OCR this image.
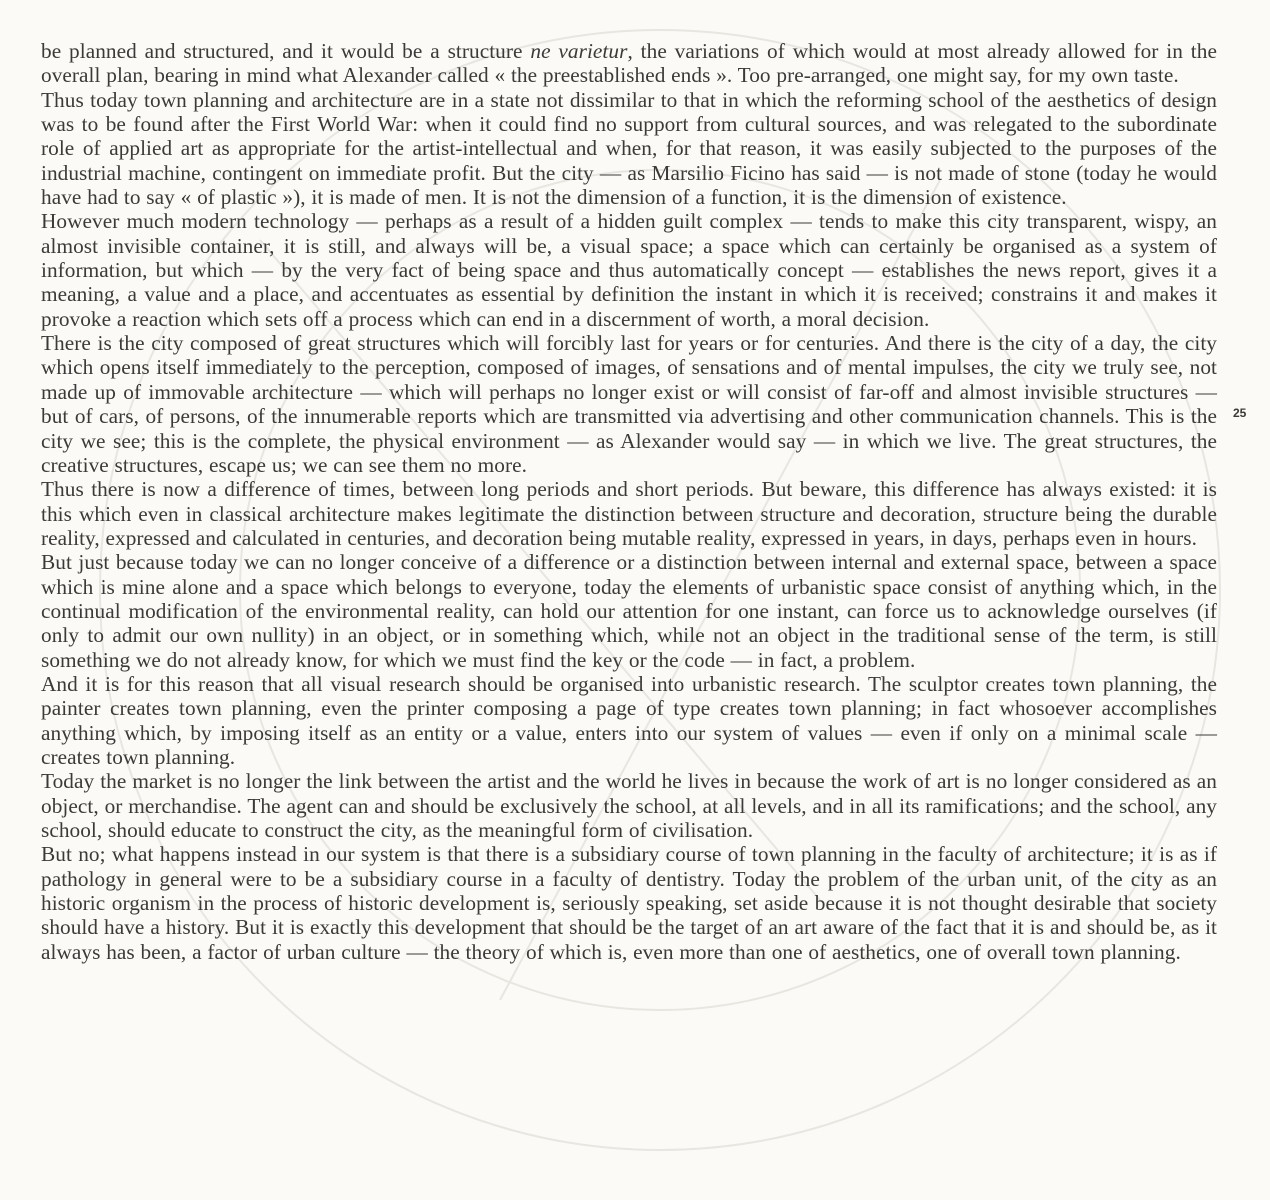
be planned and structured, and it would be a structure ne varietur, the variations of which would at most already allowed for in the overall plan, bearing in mind what Alexander called « the preestablished ends ». Too pre-arranged, one might say, for my own taste.

Thus today town planning and architecture are in a state not dissimilar to that in which the reforming school of the aesthetics of design was to be found after the First World War: when it could find no support from cultural sources, and was relegated to the subordinate role of applied art as appropriate for the artist-intellectual and when, for that reason, it was easily subjected to the purposes of the industrial machine, contingent on immediate profit. But the city — as Marsilio Ficino has said — is not made of stone (today he would have had to say « of plastic »), it is made of men. It is not the dimension of a function, it is the dimension of existence.

However much modern technology — perhaps as a result of a hidden guilt complex — tends to make this city transparent, wispy, an almost invisible container, it is still, and always will be, a visual space; a space which can certainly be organised as a system of information, but which — by the very fact of being space and thus automatically concept — establishes the news report, gives it a meaning, a value and a place, and accentuates as essential by definition the instant in which it is received; constrains it and makes it provoke a reaction which sets off a process which can end in a discernment of worth, a moral decision.

There is the city composed of great structures which will forcibly last for years or for centuries. And there is the city of a day, the city which opens itself immediately to the perception, composed of images, of sensations and of mental impulses, the city we truly see, not made up of immovable architecture — which will perhaps no longer exist or will consist of far-off and almost invisible structures — but of cars, of persons, of the innumerable reports which are transmitted via advertising and other communication channels. This is the city we see; this is the complete, the physical environment — as Alexander would say — in which we live. The great structures, the creative structures, escape us; we can see them no more.

Thus there is now a difference of times, between long periods and short periods. But beware, this difference has always existed: it is this which even in classical architecture makes legitimate the distinction between structure and decoration, structure being the durable reality, expressed and calculated in centuries, and decoration being mutable reality, expressed in years, in days, perhaps even in hours.

But just because today we can no longer conceive of a difference or a distinction between internal and external space, between a space which is mine alone and a space which belongs to everyone, today the elements of urbanistic space consist of anything which, in the continual modification of the environmental reality, can hold our attention for one instant, can force us to acknowledge ourselves (if only to admit our own nullity) in an object, or in something which, while not an object in the traditional sense of the term, is still something we do not already know, for which we must find the key or the code — in fact, a problem.

And it is for this reason that all visual research should be organised into urbanistic research. The sculptor creates town planning, the painter creates town planning, even the printer composing a page of type creates town planning; in fact whosoever accomplishes anything which, by imposing itself as an entity or a value, enters into our system of values — even if only on a minimal scale — creates town planning.

Today the market is no longer the link between the artist and the world he lives in because the work of art is no longer considered as an object, or merchandise. The agent can and should be exclusively the school, at all levels, and in all its ramifications; and the school, any school, should educate to construct the city, as the meaningful form of civilisation.

But no; what happens instead in our system is that there is a subsidiary course of town planning in the faculty of architecture; it is as if pathology in general were to be a subsidiary course in a faculty of dentistry. Today the problem of the urban unit, of the city as an historic organism in the process of historic development is, seriously speaking, set aside because it is not thought desirable that society should have a history. But it is exactly this development that should be the target of an art aware of the fact that it is and should be, as it always has been, a factor of urban culture — the theory of which is, even more than one of aesthetics, one of overall town planning.

25
